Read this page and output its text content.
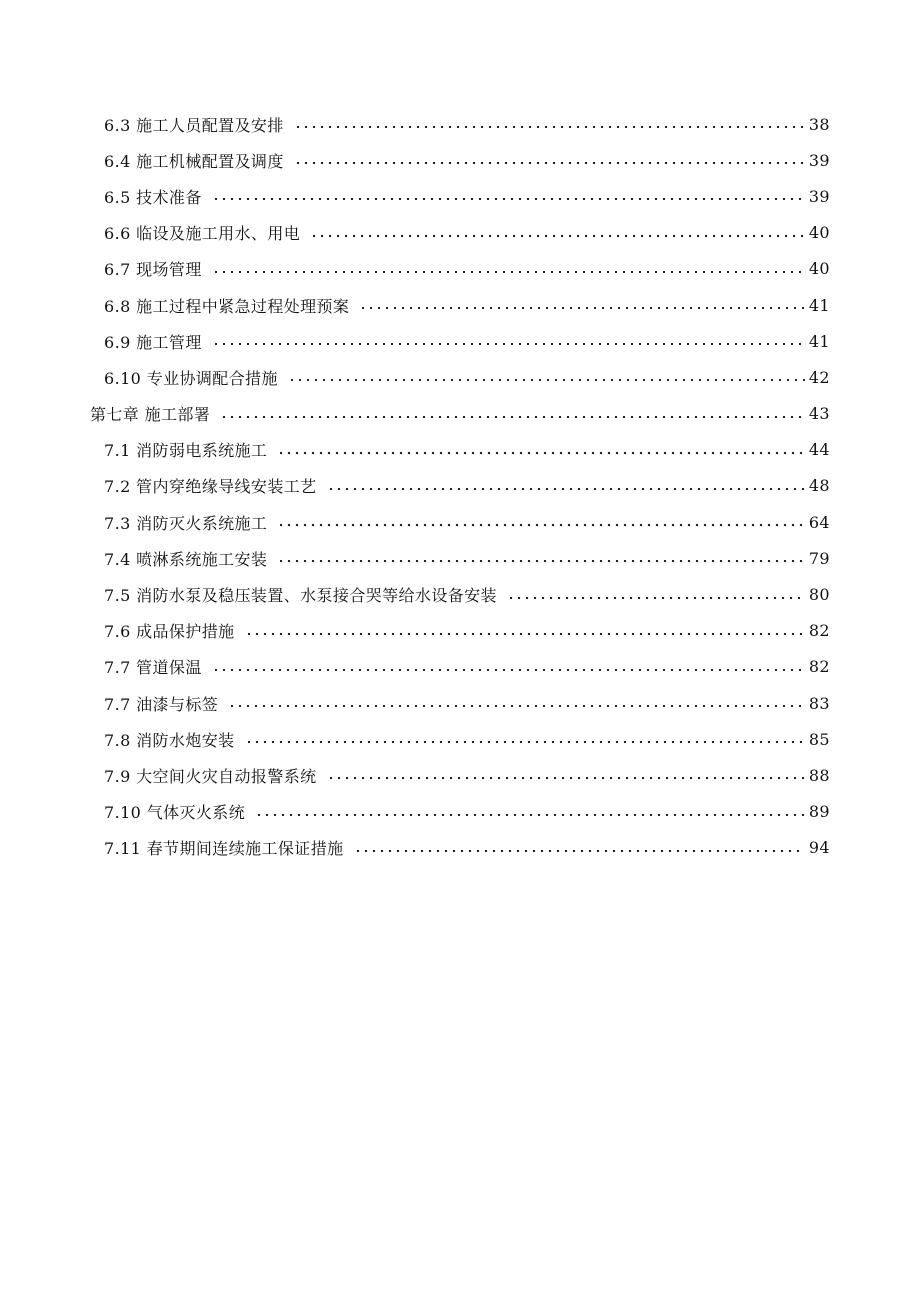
6.3 施工人员配置及安排	38
6.4 施工机械配置及调度	39
6.5 技术准备	39
6.6 临设及施工用水、用电	40
6.7 现场管理	40
6.8 施工过程中紧急过程处理预案	41
6.9 施工管理	41
6.10 专业协调配合措施	42
第七章 施工部署	43
7.1 消防弱电系统施工	44
7.2 管内穿绝缘导线安装工艺	48
7.3 消防灭火系统施工	64
7.4 喷淋系统施工安装	79
7.5 消防水泵及稳压装置、水泵接合哭等给水设备安装	80
7.6 成品保护措施	82
7.7 管道保温	82
7.7 油漆与标签	83
7.8 消防水炮安装	85
7.9 大空间火灾自动报警系统	88
7.10 气体灭火系统	89
7.11 春节期间连续施工保证措施	94
